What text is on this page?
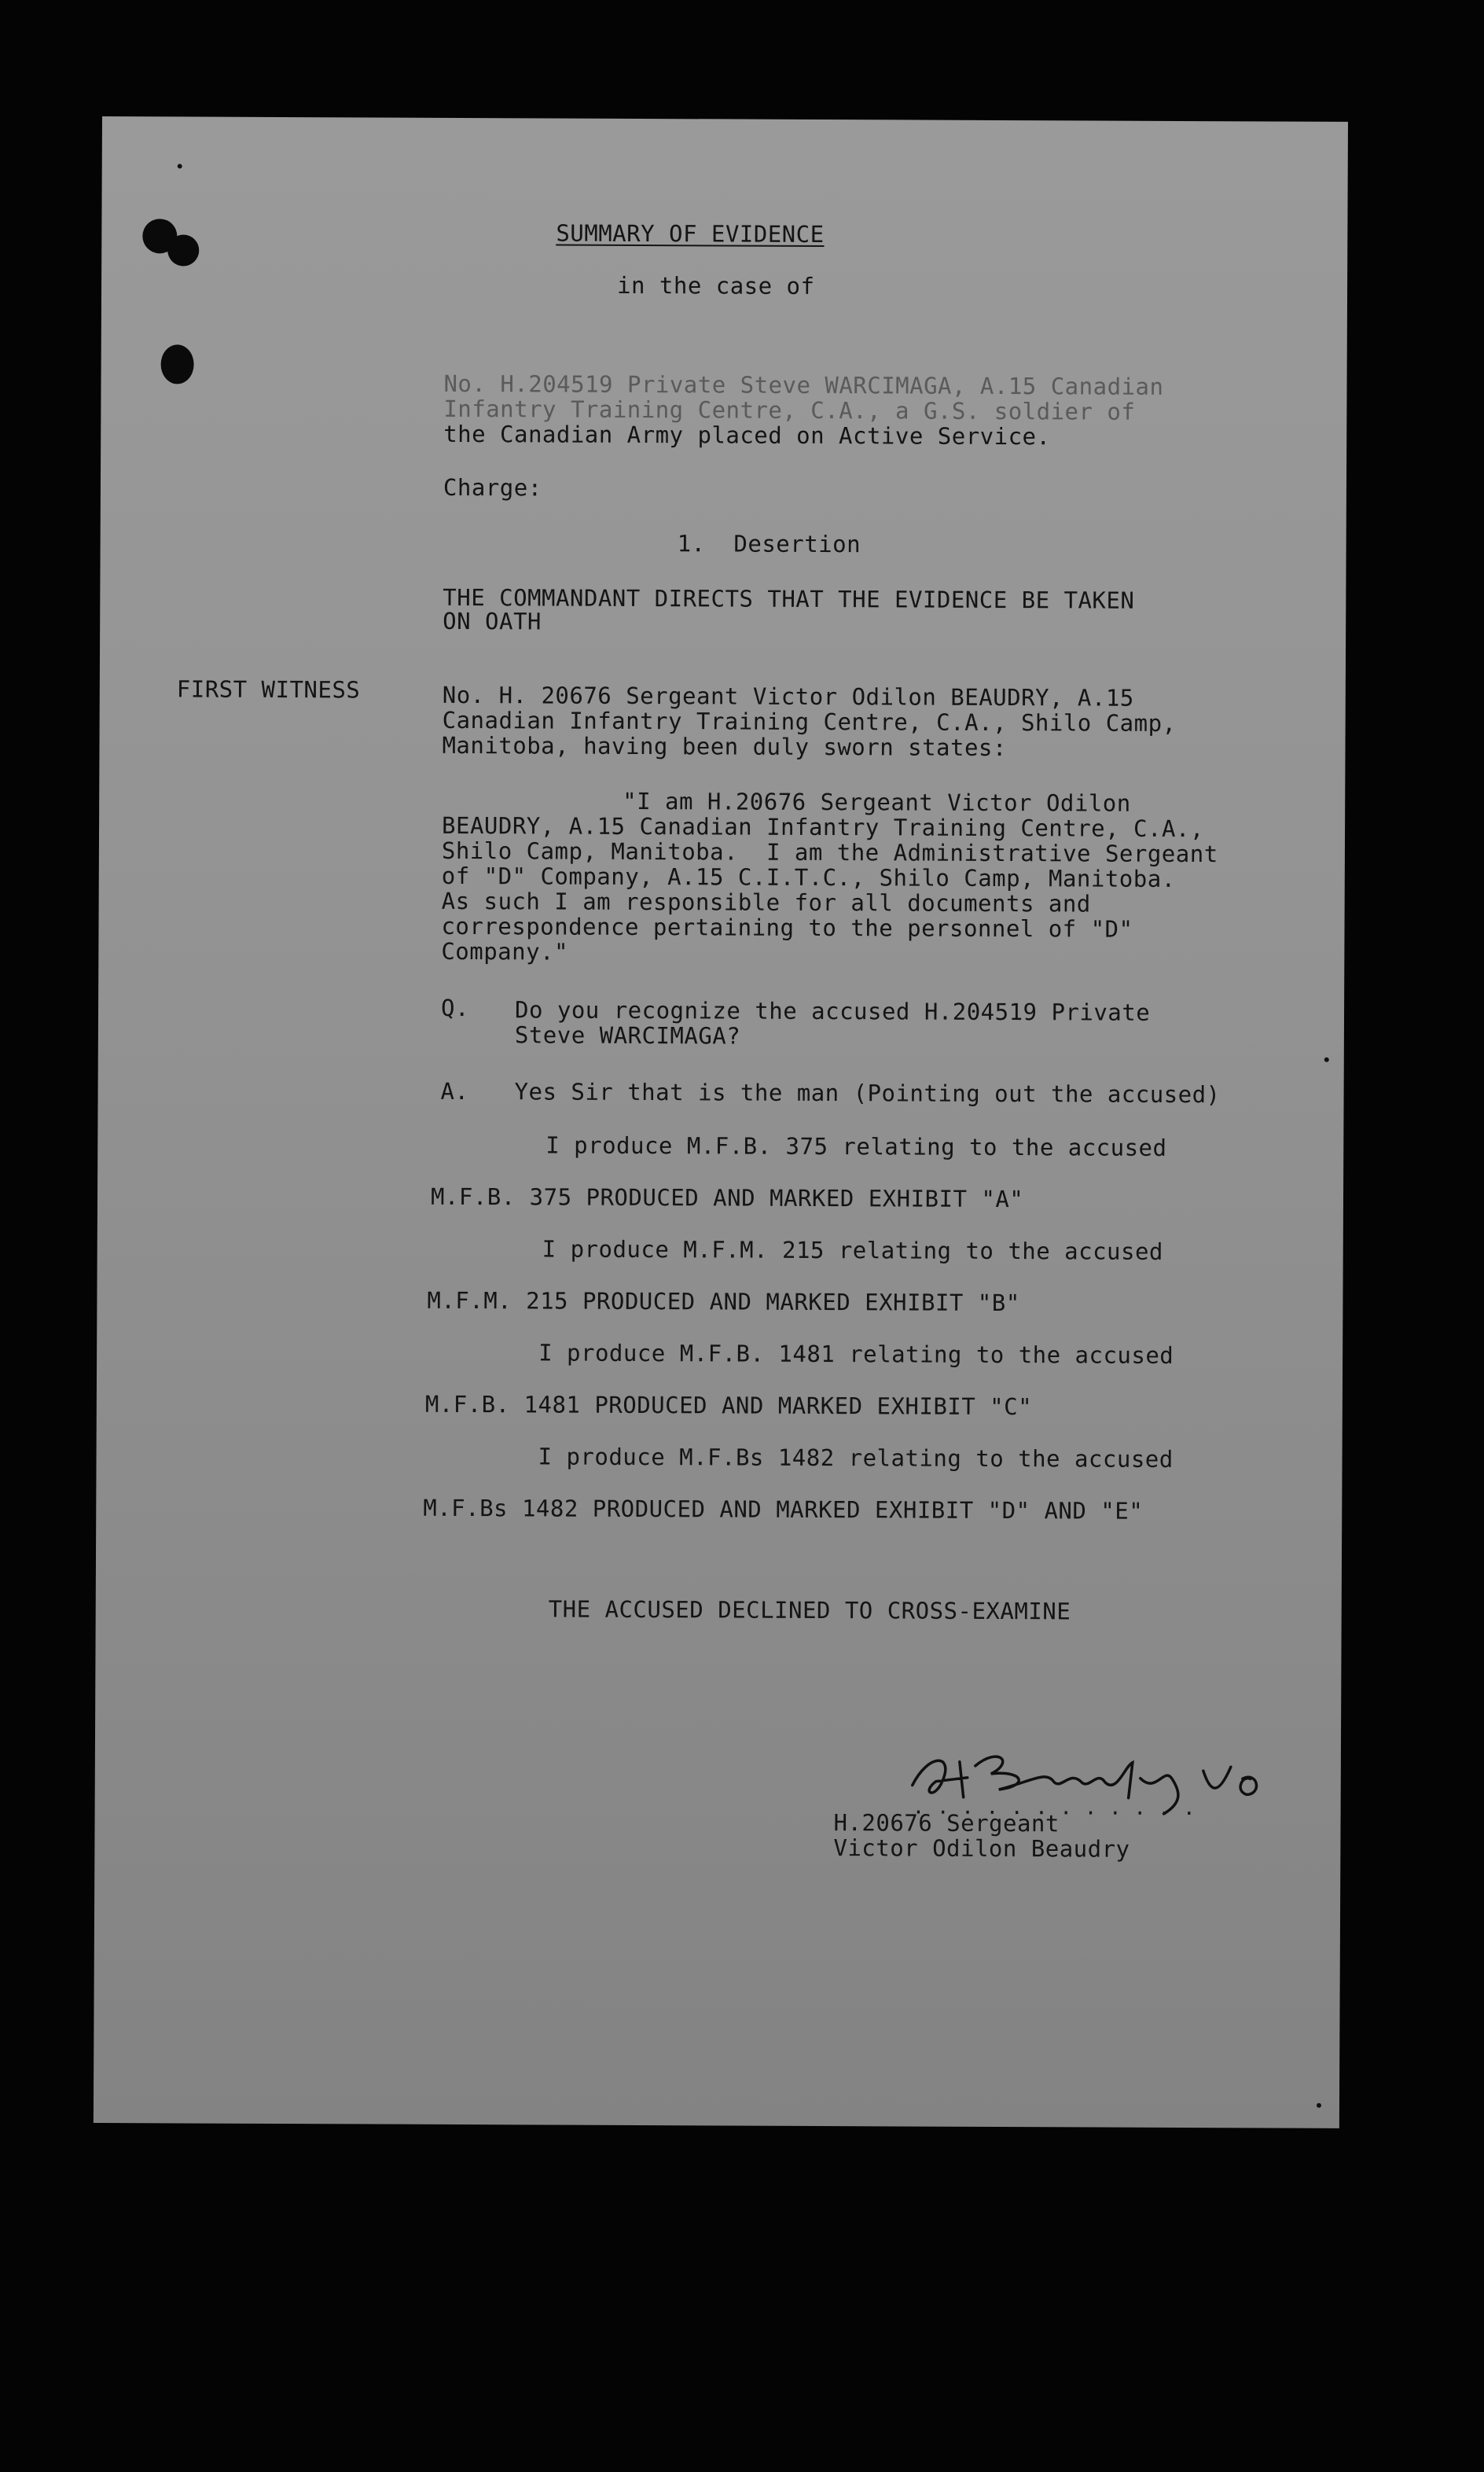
SUMMARY OF EVIDENCE
in the case of
No. H.204519 Private Steve WARCIMAGA, A.15 Canadian
Infantry Training Centre, C.A., a G.S. soldier of
the Canadian Army placed on Active Service.
Charge:
1.  Desertion
THE COMMANDANT DIRECTS THAT THE EVIDENCE BE TAKEN
ON OATH
FIRST WITNESS	No. H. 20676 Sergeant Victor Odilon BEAUDRY, A.15
Canadian Infantry Training Centre, C.A., Shilo Camp,
Manitoba, having been duly sworn states:
"I am H.20676 Sergeant Victor Odilon
BEAUDRY, A.15 Canadian Infantry Training Centre, C.A.,
Shilo Camp, Manitoba.  I am the Administrative Sergeant
of "D" Company, A.15 C.I.T.C., Shilo Camp, Manitoba.
As such I am responsible for all documents and
correspondence pertaining to the personnel of "D"
Company."
Q. Do you recognize the accused H.204519 Private
Steve WARCIMAGA?
A. Yes Sir that is the man (Pointing out the accused)
I produce M.F.B. 375 relating to the accused
M.F.B. 375 PRODUCED AND MARKED EXHIBIT "A"
I produce M.F.M. 215 relating to the accused
M.F.M. 215 PRODUCED AND MARKED EXHIBIT "B"
I produce M.F.B. 1481 relating to the accused
M.F.B. 1481 PRODUCED AND MARKED EXHIBIT "C"
I produce M.F.Bs 1482 relating to the accused
M.F.Bs 1482 PRODUCED AND MARKED EXHIBIT "D" AND "E"
THE ACCUSED DECLINED TO CROSS-EXAMINE
. . . . . . . . . . . .
H.20676 Sergeant
Victor Odilon Beaudry
